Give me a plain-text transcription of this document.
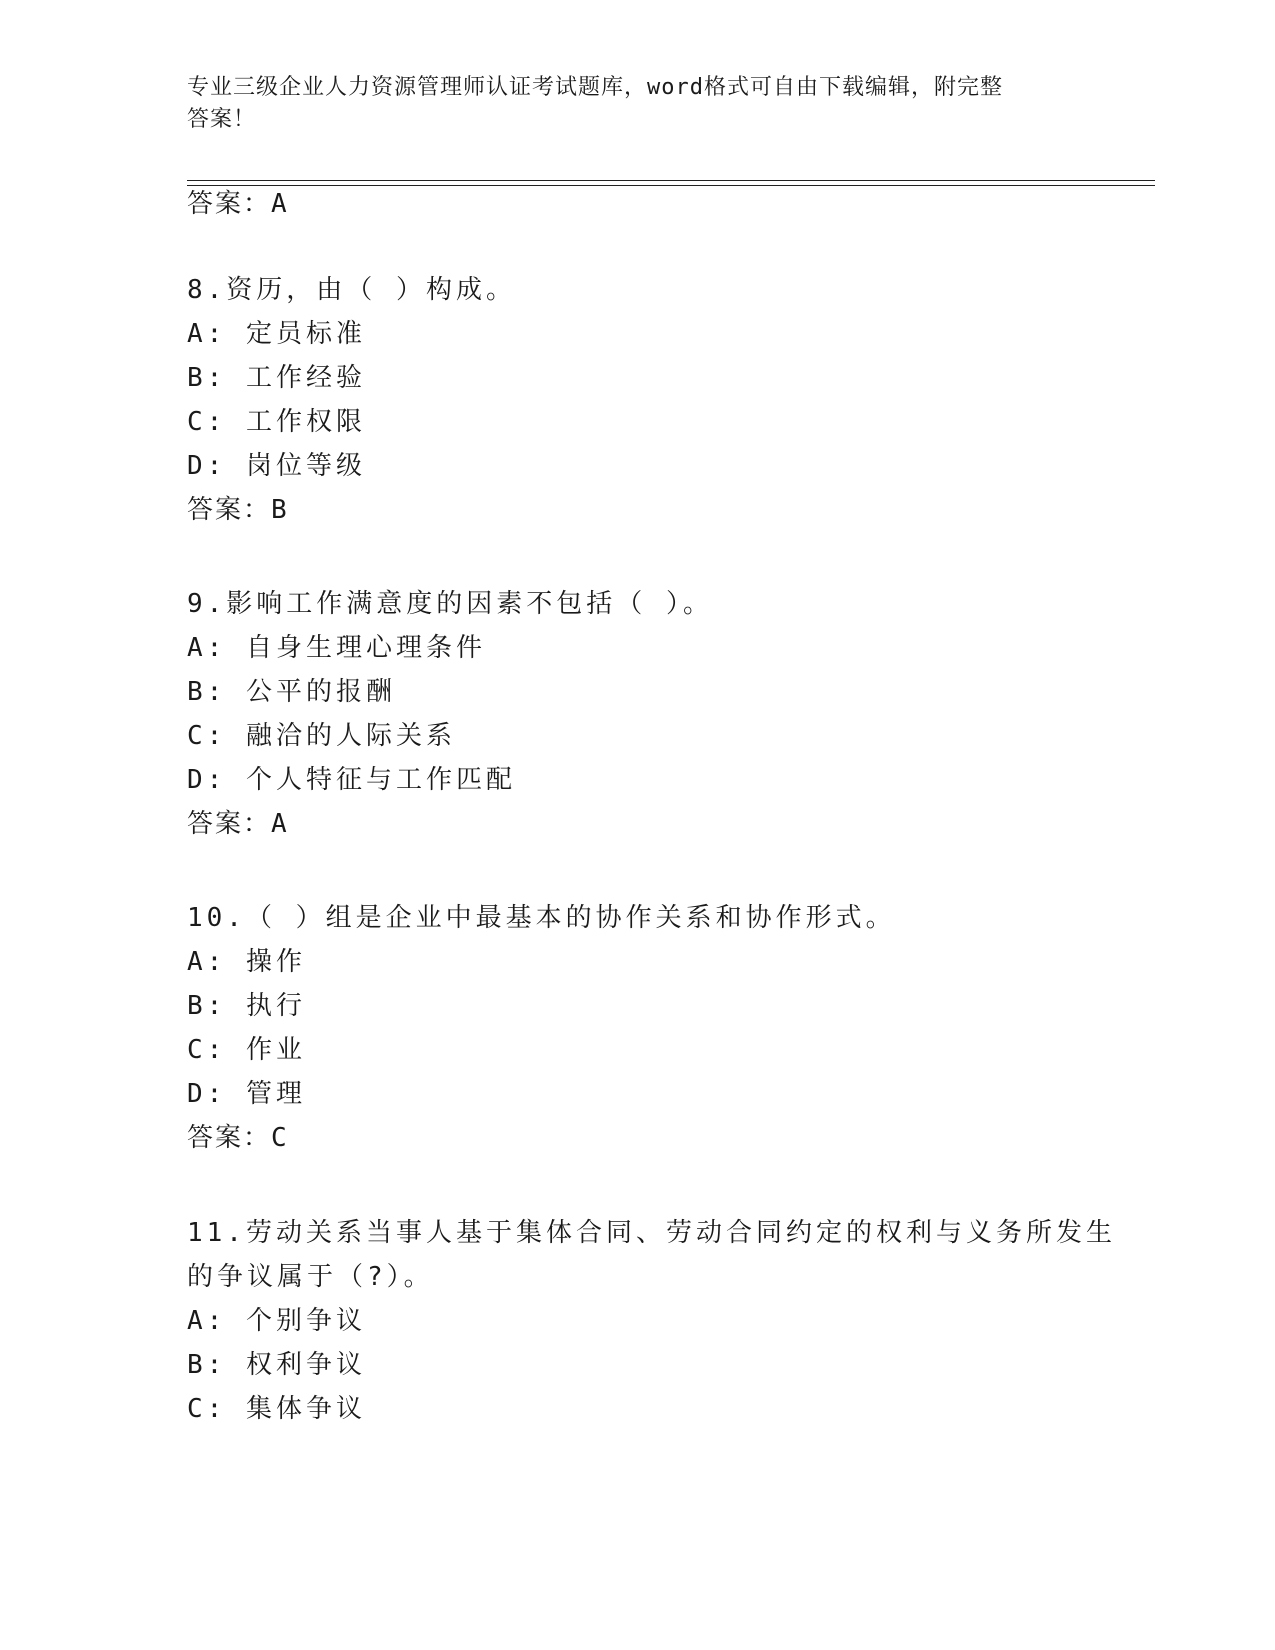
专业三级企业人力资源管理师认证考试题库，word格式可自由下载编辑，附完整
答案！
答案：A
8.资历，由（ ）构成。
A: 定员标准
B: 工作经验
C: 工作权限
D: 岗位等级
答案：B
9.影响工作满意度的因素不包括（ ）。
A: 自身生理心理条件
B: 公平的报酬
C: 融洽的人际关系
D: 个人特征与工作匹配
答案：A
10.（ ）组是企业中最基本的协作关系和协作形式。
A: 操作
B: 执行
C: 作业
D: 管理
答案：C
11.劳动关系当事人基于集体合同、劳动合同约定的权利与义务所发生
的争议属于（?）。
A: 个别争议
B: 权利争议
C: 集体争议
